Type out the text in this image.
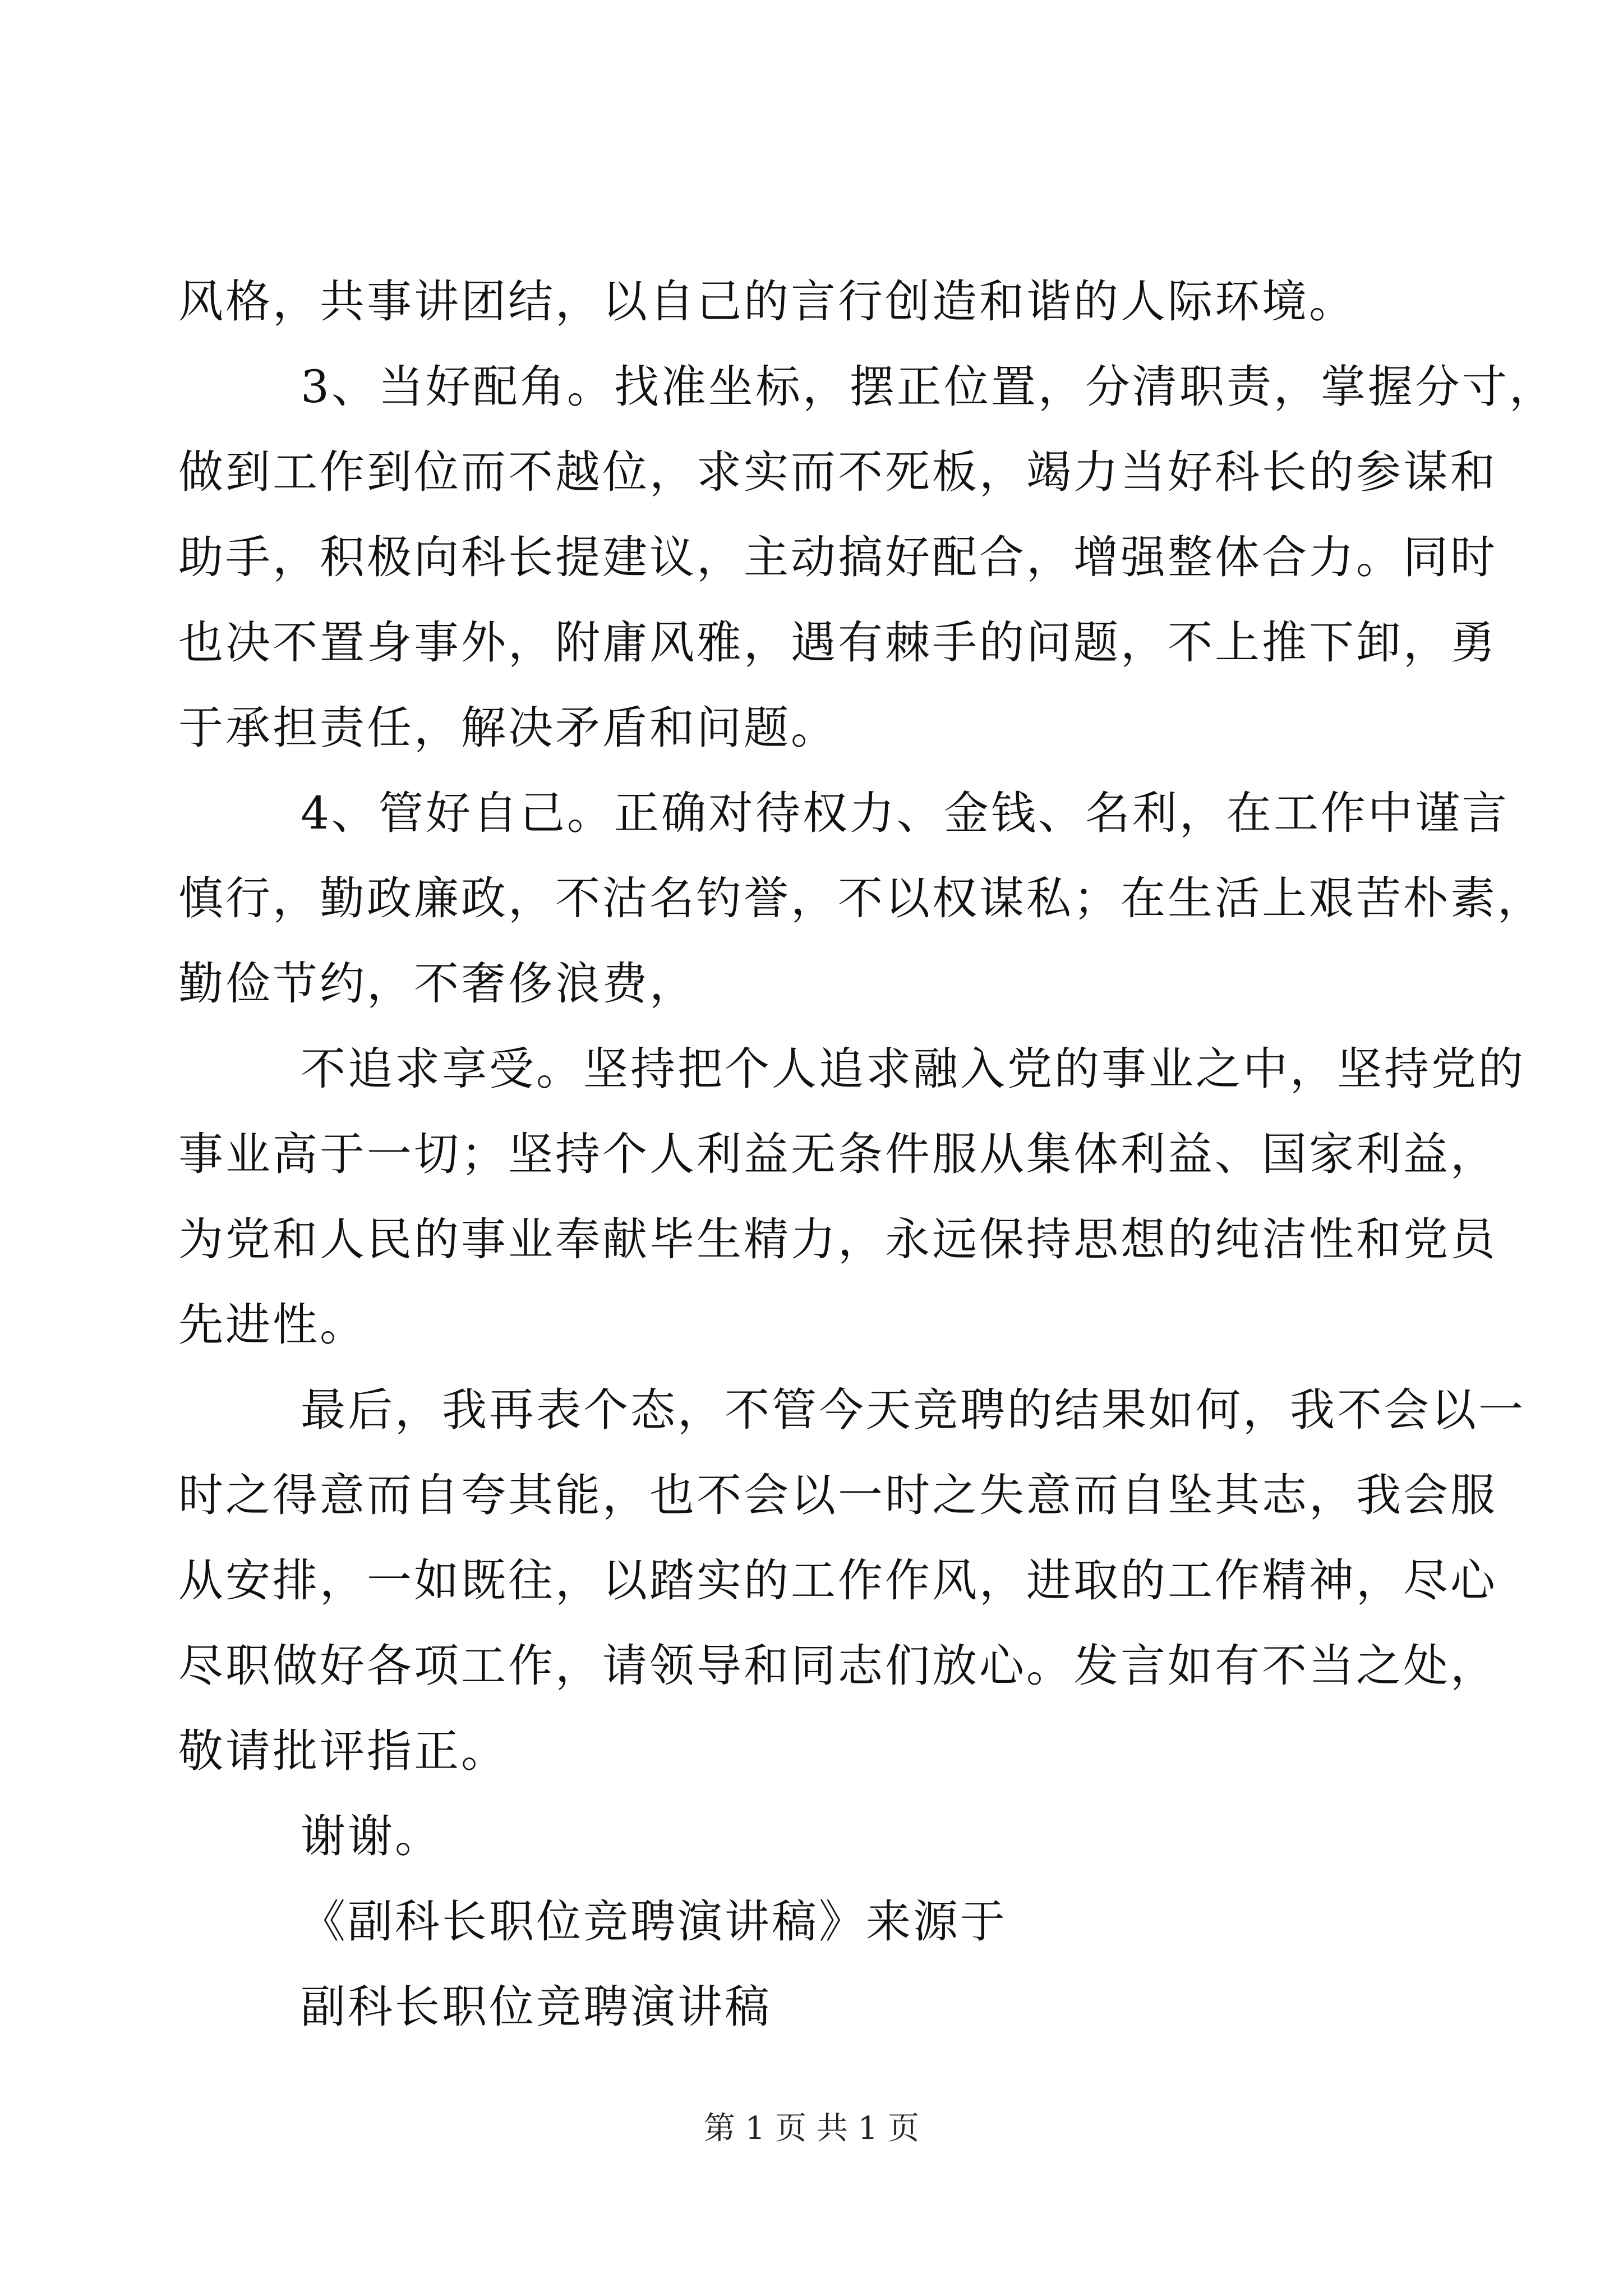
风格，共事讲团结，以自己的言行创造和谐的人际环境。
3、当好配角。找准坐标，摆正位置，分清职责，掌握分寸，
做到工作到位而不越位，求实而不死板，竭力当好科长的参谋和
助手，积极向科长提建议，主动搞好配合，增强整体合力。同时
也决不置身事外，附庸风雅，遇有棘手的问题，不上推下卸，勇
于承担责任，解决矛盾和问题。
4、管好自己。正确对待权力、金钱、名利，在工作中谨言
慎行，勤政廉政，不沽名钓誉，不以权谋私；在生活上艰苦朴素，
勤俭节约，不奢侈浪费，
不追求享受。坚持把个人追求融入党的事业之中，坚持党的
事业高于一切；坚持个人利益无条件服从集体利益、国家利益，
为党和人民的事业奉献毕生精力，永远保持思想的纯洁性和党员
先进性。
最后，我再表个态，不管今天竞聘的结果如何，我不会以一
时之得意而自夸其能，也不会以一时之失意而自坠其志，我会服
从安排，一如既往，以踏实的工作作风，进取的工作精神，尽心
尽职做好各项工作，请领导和同志们放心。发言如有不当之处，
敬请批评指正。
谢谢。
《副科长职位竞聘演讲稿》来源于
副科长职位竞聘演讲稿
第 1 页 共 1 页
